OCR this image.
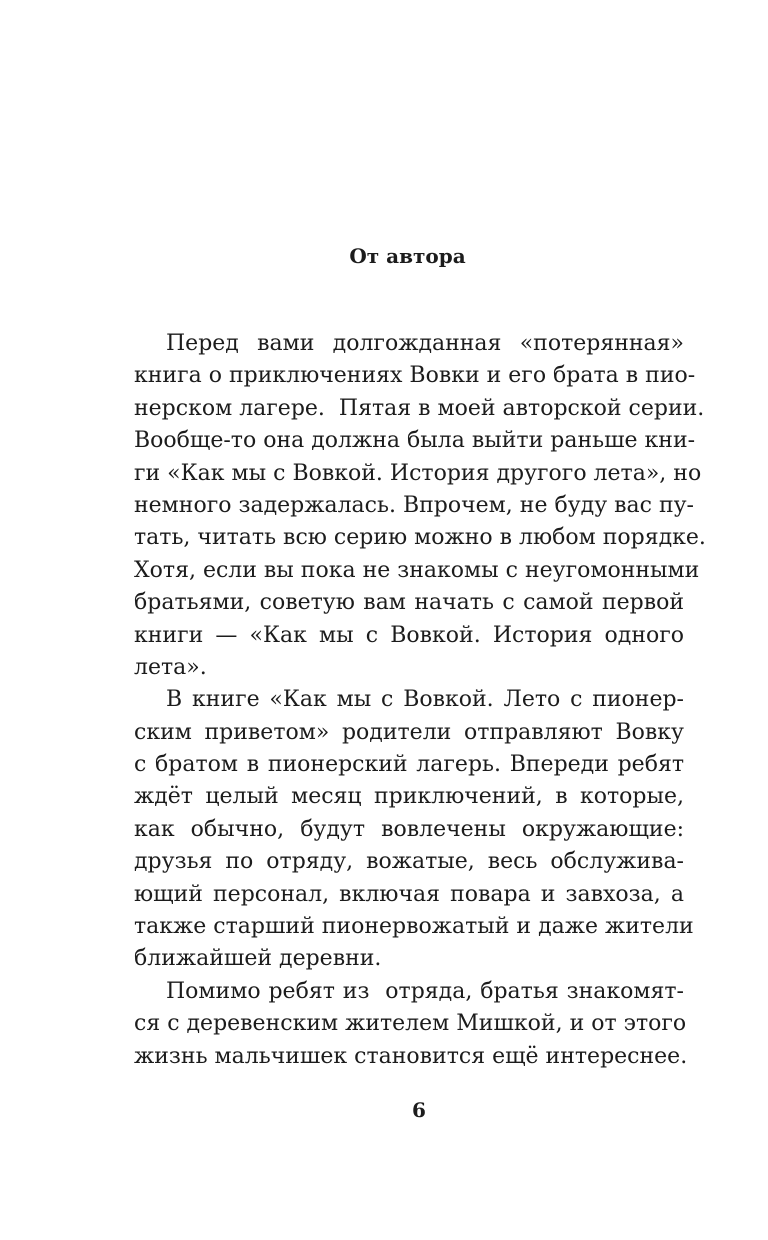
От автора
Перед вами долгожданная «потерянная»
книга о приключениях Вовки и его брата в пио-
нерском лагере.  Пятая в моей авторской серии.
Вообще-то она должна была выйти раньше кни-
ги «Как мы с Вовкой. История другого лета», но
немного задержалась. Впрочем, не буду вас пу-
тать, читать всю серию можно в любом порядке.
Хотя, если вы пока не знакомы с неугомонными
братьями, советую вам начать с самой первой
книги — «Как мы с Вовкой. История одного
лета».
В книге «Как мы с Вовкой. Лето с пионер-
ским приветом» родители отправляют Вовку
с братом в пионерский лагерь. Впереди ребят
ждёт целый месяц приключений, в которые,
как обычно, будут вовлечены окружающие:
друзья по отряду, вожатые, весь обслужива-
ющий персонал, включая повара и завхоза, а
также старший пионервожатый и даже жители
ближайшей деревни.
Помимо ребят из  отряда, братья знакомят-
ся с деревенским жителем Мишкой, и от этого
жизнь мальчишек становится ещё интереснее.
6
